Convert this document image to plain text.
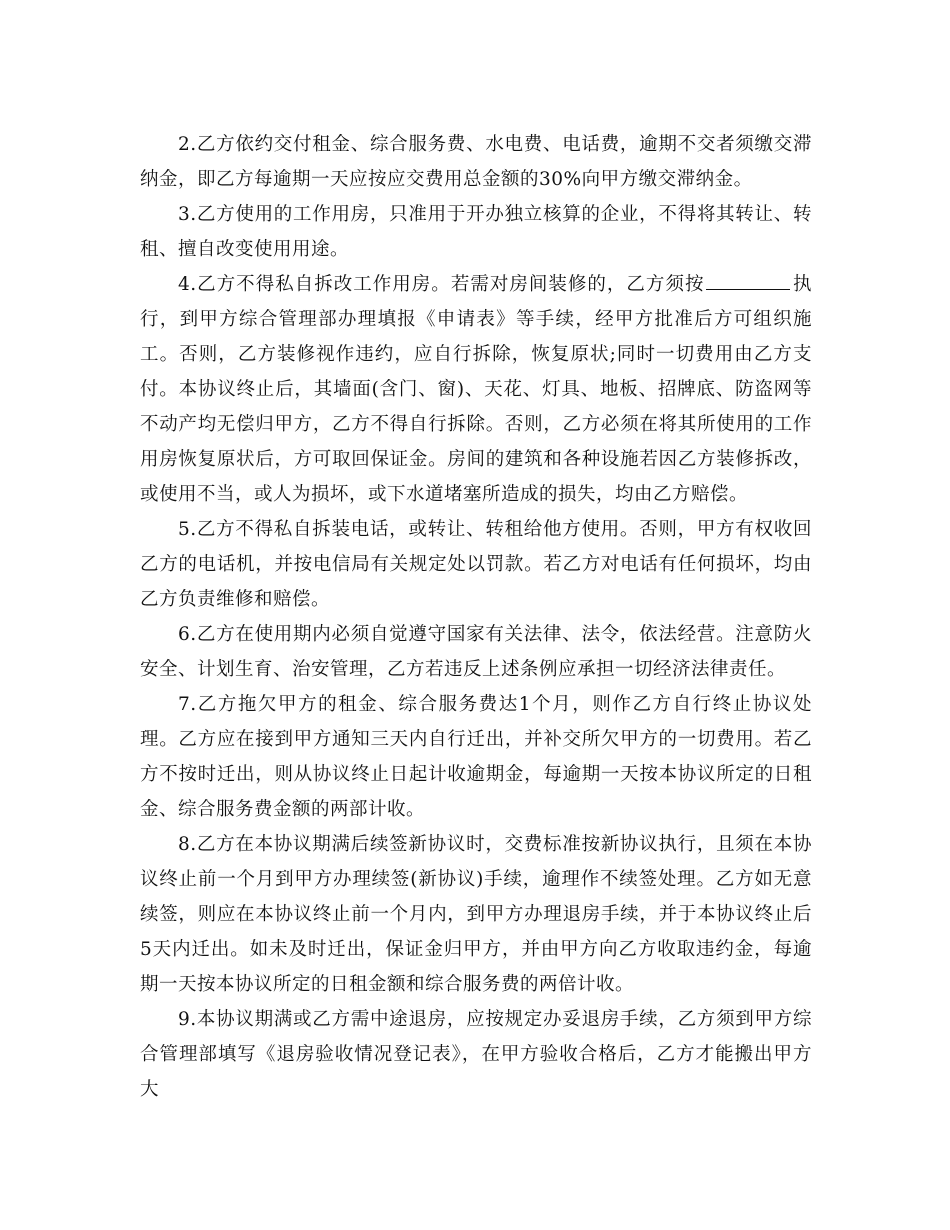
2.乙方依约交付租金、综合服务费、水电费、电话费，逾期不交者须缴交滞纳金，即乙方每逾期一天应按应交费用总金额的30%向甲方缴交滞纳金。

3.乙方使用的工作用房，只准用于开办独立核算的企业，不得将其转让、转租、擅自改变使用用途。

4.乙方不得私自拆改工作用房。若需对房间装修的，乙方须按	执行，到甲方综合管理部办理填报《申请表》等手续，经甲方批准后方可组织施工。否则，乙方装修视作违约，应自行拆除，恢复原状;同时一切费用由乙方支付。本协议终止后，其墙面(含门、窗)、天花、灯具、地板、招牌底、防盗网等不动产均无偿归甲方，乙方不得自行拆除。否则，乙方必须在将其所使用的工作用房恢复原状后，方可取回保证金。房间的建筑和各种设施若因乙方装修拆改，或使用不当，或人为损坏，或下水道堵塞所造成的损失，均由乙方赔偿。

5.乙方不得私自拆装电话，或转让、转租给他方使用。否则，甲方有权收回乙方的电话机，并按电信局有关规定处以罚款。若乙方对电话有任何损坏，均由乙方负责维修和赔偿。

6.乙方在使用期内必须自觉遵守国家有关法律、法令，依法经营。注意防火安全、计划生育、治安管理，乙方若违反上述条例应承担一切经济法律责任。

7.乙方拖欠甲方的租金、综合服务费达1个月，则作乙方自行终止协议处理。乙方应在接到甲方通知三天内自行迁出，并补交所欠甲方的一切费用。若乙方不按时迁出，则从协议终止日起计收逾期金，每逾期一天按本协议所定的日租金、综合服务费金额的两部计收。

8.乙方在本协议期满后续签新协议时，交费标准按新协议执行，且须在本协议终止前一个月到甲方办理续签(新协议)手续，逾理作不续签处理。乙方如无意续签，则应在本协议终止前一个月内，到甲方办理退房手续，并于本协议终止后5天内迁出。如未及时迁出，保证金归甲方，并由甲方向乙方收取违约金，每逾期一天按本协议所定的日租金额和综合服务费的两倍计收。

9.本协议期满或乙方需中途退房，应按规定办妥退房手续，乙方须到甲方综合管理部填写《退房验收情况登记表》，在甲方验收合格后，乙方才能搬出甲方大
